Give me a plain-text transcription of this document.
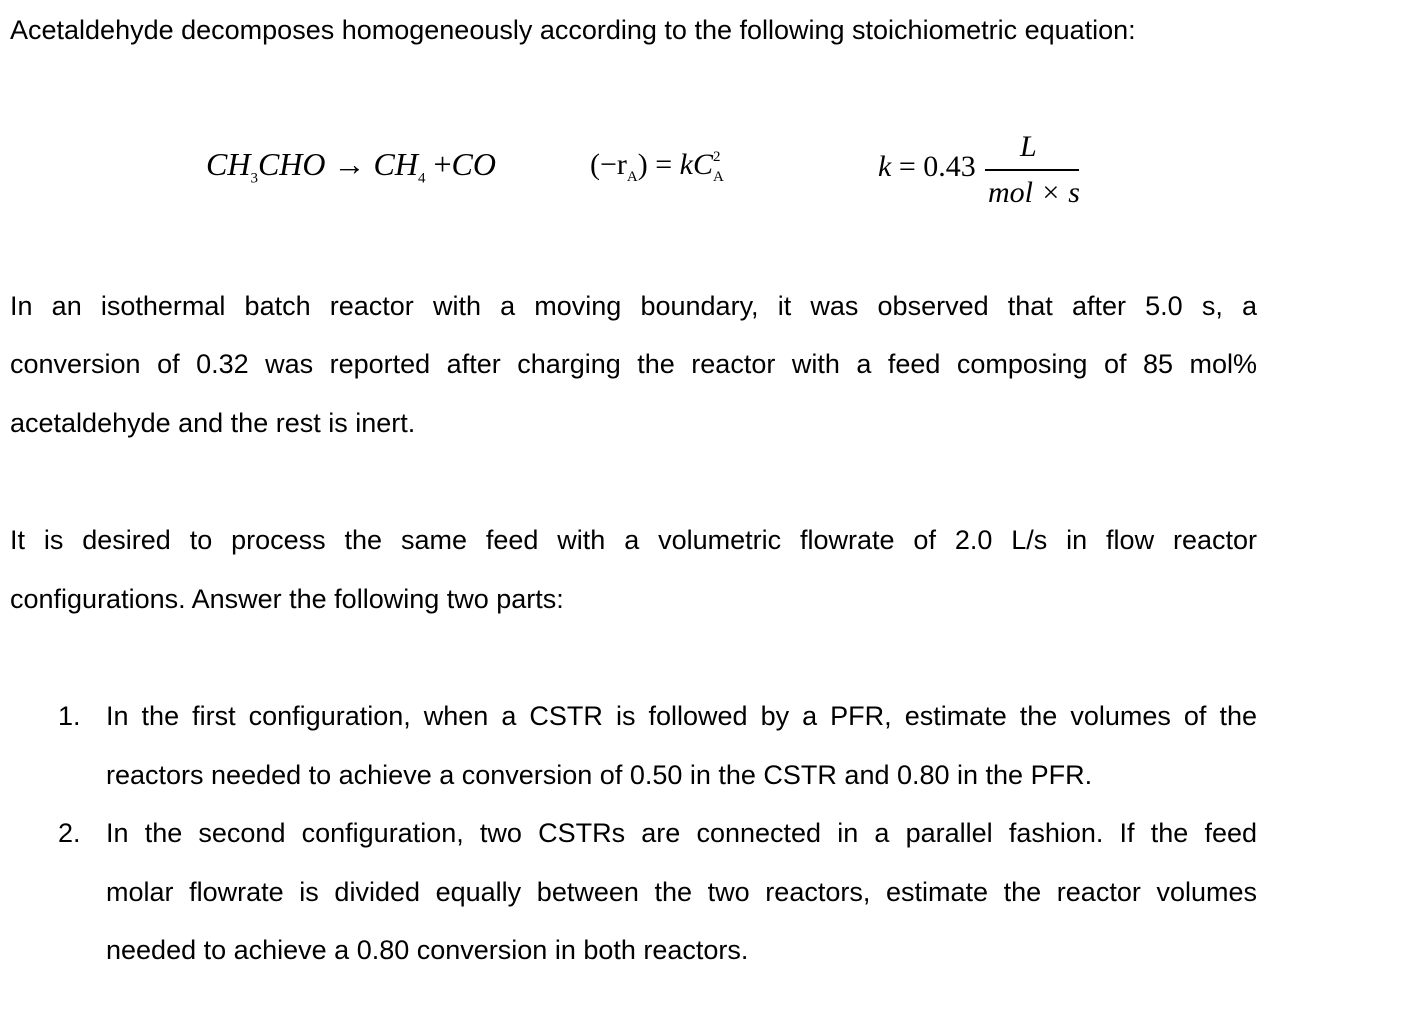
Acetaldehyde decomposes homogeneously according to the following stoichiometric equation:
$CH_3CHO \to CH_4 +CO$	$(-r_A)$ = kC 2
A	k = 0.43
L
mol × s
In an isothermal batch reactor with a moving boundary, it was observed that after 5.0 s, a
conversion of 0.32 was reported after charging the reactor with a feed composing of 85 mol%
acetaldehyde and the rest is inert.
It is desired to process the same feed with a volumetric flowrate of 2.0 L/s in flow reactor
configurations. Answer the following two parts:
1. In the first configuration, when a CSTR is followed by a PFR, estimate the volumes of the
reactors needed to achieve a conversion of 0.50 in the CSTR and 0.80 in the PFR.
2. In the second configuration, two CSTRs are connected in a parallel fashion. If the feed
molar flowrate is divided equally between the two reactors, estimate the reactor volumes
needed to achieve a 0.80 conversion in both reactors.
